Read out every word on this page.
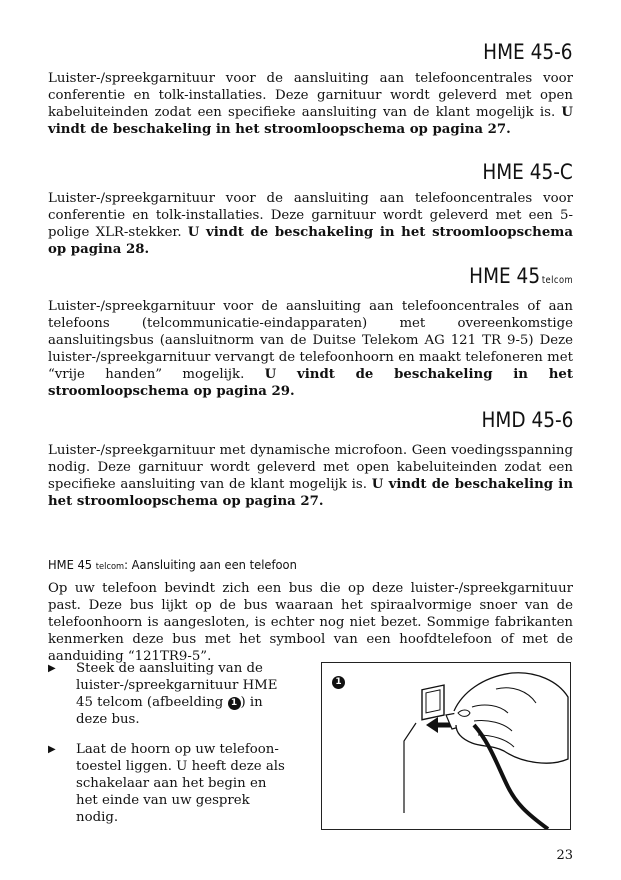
HME 45-6

Luister-/spreekgarnituur voor de aansluiting aan telefooncentrales voor conferentie en tolk-installaties. Deze garnituur wordt geleverd met open kabeluiteinden zodat een specifieke aansluiting van de klant mogelijk is. U vindt de beschakeling in het stroomloopschema op pagina 27.

HME 45-C

Luister-/spreekgarnituur voor de aansluiting aan telefooncentrales voor conferentie en tolk-installaties. Deze garnituur wordt geleverd met een 5-polige XLR-stekker. U vindt de beschakeling in het stroomloopschema op pagina 28.

HME 45 telcom

Luister-/spreekgarnituur voor de aansluiting aan telefooncentrales of aan telefoons (telcommunicatie-eindapparaten) met overeenkomstige aansluitingsbus (aansluitnorm van de Duitse Telekom AG 121 TR 9-5) Deze luister-/spreekgarnituur vervangt de telefoonhoorn en maakt telefoneren met “vrije handen” mogelijk. U vindt de beschakeling in het stroomloopschema op pagina 29.

HMD 45-6

Luister-/spreekgarnituur met dynamische microfoon. Geen voedingsspanning nodig. Deze garnituur wordt geleverd met open kabeluiteinden zodat een specifieke aansluiting van de klant mogelijk is. U vindt de beschakeling in het stroomloopschema op pagina 27.

HME 45 telcom: Aansluiting aan een telefoon

Op uw telefoon bevindt zich een bus die op deze luister-/spreekgarnituur past. Deze bus lijkt op de bus waaraan het spiraalvormige snoer van de telefoonhoorn is aangesloten, is echter nog niet bezet. Sommige fabrikanten kenmerken deze bus met het symbool van een hoofdtelefoon of met de aanduiding “121TR9-5”.

▶ Steek de aansluiting van de luister-/spreekgarnituur HME 45 telcom (afbeelding 1 ) in deze bus.
▶ Laat de hoorn op uw telefoon-toestel liggen. U heeft deze als schakelaar aan het begin en het einde van uw gesprek nodig.
1
23
